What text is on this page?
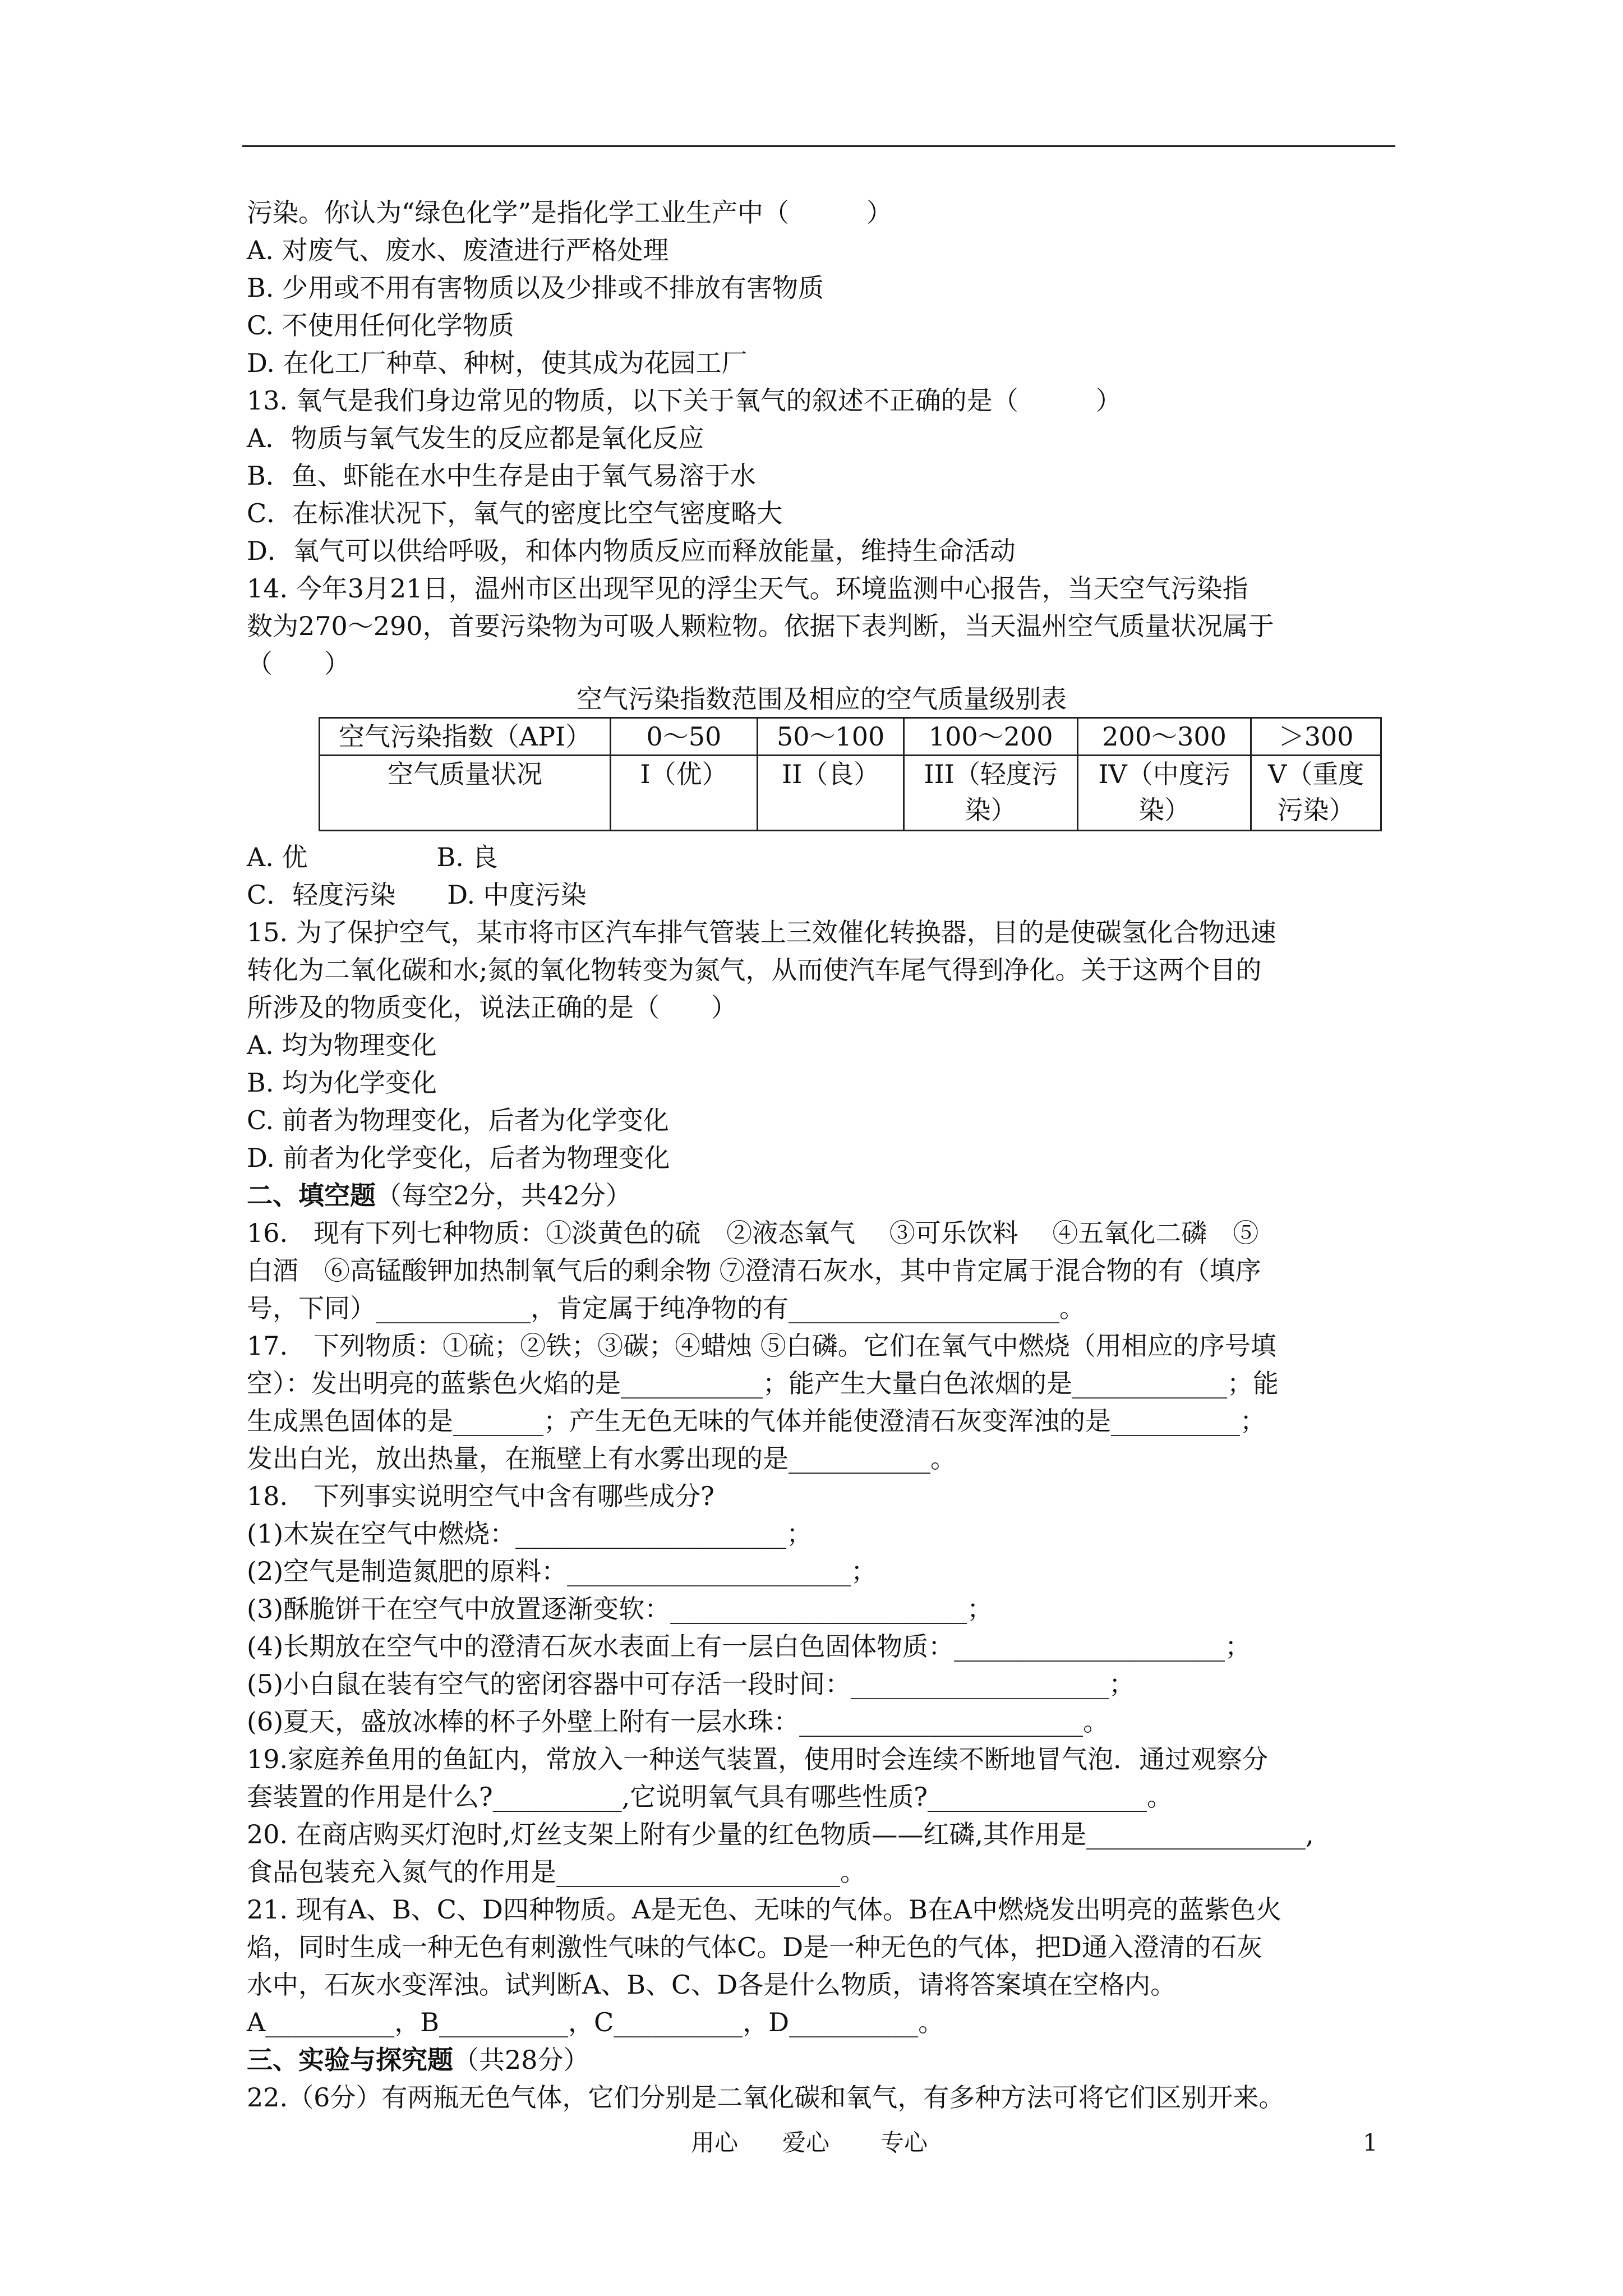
污染。你认为“绿色化学”是指化学工业生产中（　　　）
A. 对废气、废水、废渣进行严格处理
B. 少用或不用有害物质以及少排或不排放有害物质
C. 不使用任何化学物质
D. 在化工厂种草、种树，使其成为花园工厂
13. 氧气是我们身边常见的物质，以下关于氧气的叙述不正确的是（　　　）
A．物质与氧气发生的反应都是氧化反应
B．鱼、虾能在水中生存是由于氧气易溶于水
C．在标准状况下，氧气的密度比空气密度略大
D．氧气可以供给呼吸，和体内物质反应而释放能量，维持生命活动
14. 今年3月21日，温州市区出现罕见的浮尘天气。环境监测中心报告，当天空气污染指
数为270～290，首要污染物为可吸人颗粒物。依据下表判断，当天温州空气质量状况属于
（　　）
空气污染指数范围及相应的空气质量级别表
空气污染指数（API）	0～50	50～100	100～200	200～300	＞300
空气质量状况	I（优）	II（良）	III（轻度污染）	IV（中度污染）	V（重度污染）
A. 优　　　　　B. 良
C．轻度污染　　D. 中度污染
15. 为了保护空气，某市将市区汽车排气管装上三效催化转换器，目的是使碳氢化合物迅速
转化为二氧化碳和水;氮的氧化物转变为氮气，从而使汽车尾气得到净化。关于这两个目的
所涉及的物质变化，说法正确的是（　　）
A. 均为物理变化
B. 均为化学变化
C. 前者为物理变化，后者为化学变化
D. 前者为化学变化，后者为物理变化
二、填空题（每空2分，共42分）
16.　现有下列七种物质：①淡黄色的硫　②液态氧气　 ③可乐饮料　 ④五氧化二磷　⑤
白酒　⑥高锰酸钾加热制氧气后的剩余物 ⑦澄清石灰水，其中肯定属于混合物的有（填序
号，下同）____________，肯定属于纯净物的有_____________________。
17.　下列物质：①硫；②铁；③碳；④蜡烛 ⑤白磷。它们在氧气中燃烧（用相应的序号填
空）：发出明亮的蓝紫色火焰的是___________；能产生大量白色浓烟的是____________；能
生成黑色固体的是_______；产生无色无味的气体并能使澄清石灰变浑浊的是__________；
发出白光，放出热量，在瓶壁上有水雾出现的是___________。
18.　下列事实说明空气中含有哪些成分?
(1)木炭在空气中燃烧：_____________________；
(2)空气是制造氮肥的原料：______________________；
(3)酥脆饼干在空气中放置逐渐变软：_______________________；
(4)长期放在空气中的澄清石灰水表面上有一层白色固体物质：_____________________；
(5)小白鼠在装有空气的密闭容器中可存活一段时间：____________________；
(6)夏天，盛放冰棒的杯子外壁上附有一层水珠：______________________。
19.家庭养鱼用的鱼缸内，常放入一种送气装置，使用时会连续不断地冒气泡．通过观察分
套装置的作用是什么?__________,它说明氧气具有哪些性质?_________________。
20. 在商店购买灯泡时,灯丝支架上附有少量的红色物质——红磷,其作用是_________________,
食品包装充入氮气的作用是______________________。
21. 现有A、B、C、D四种物质。A是无色、无味的气体。B在A中燃烧发出明亮的蓝紫色火
焰，同时生成一种无色有刺激性气味的气体C。D是一种无色的气体，把D通入澄清的石灰
水中，石灰水变浑浊。试判断A、B、C、D各是什么物质，请将答案填在空格内。
A__________，B__________，C__________，D__________。
三、实验与探究题（共28分）
22.（6分）有两瓶无色气体，它们分别是二氧化碳和氧气，有多种方法可将它们区别开来。
用心 爱心 专心	1
